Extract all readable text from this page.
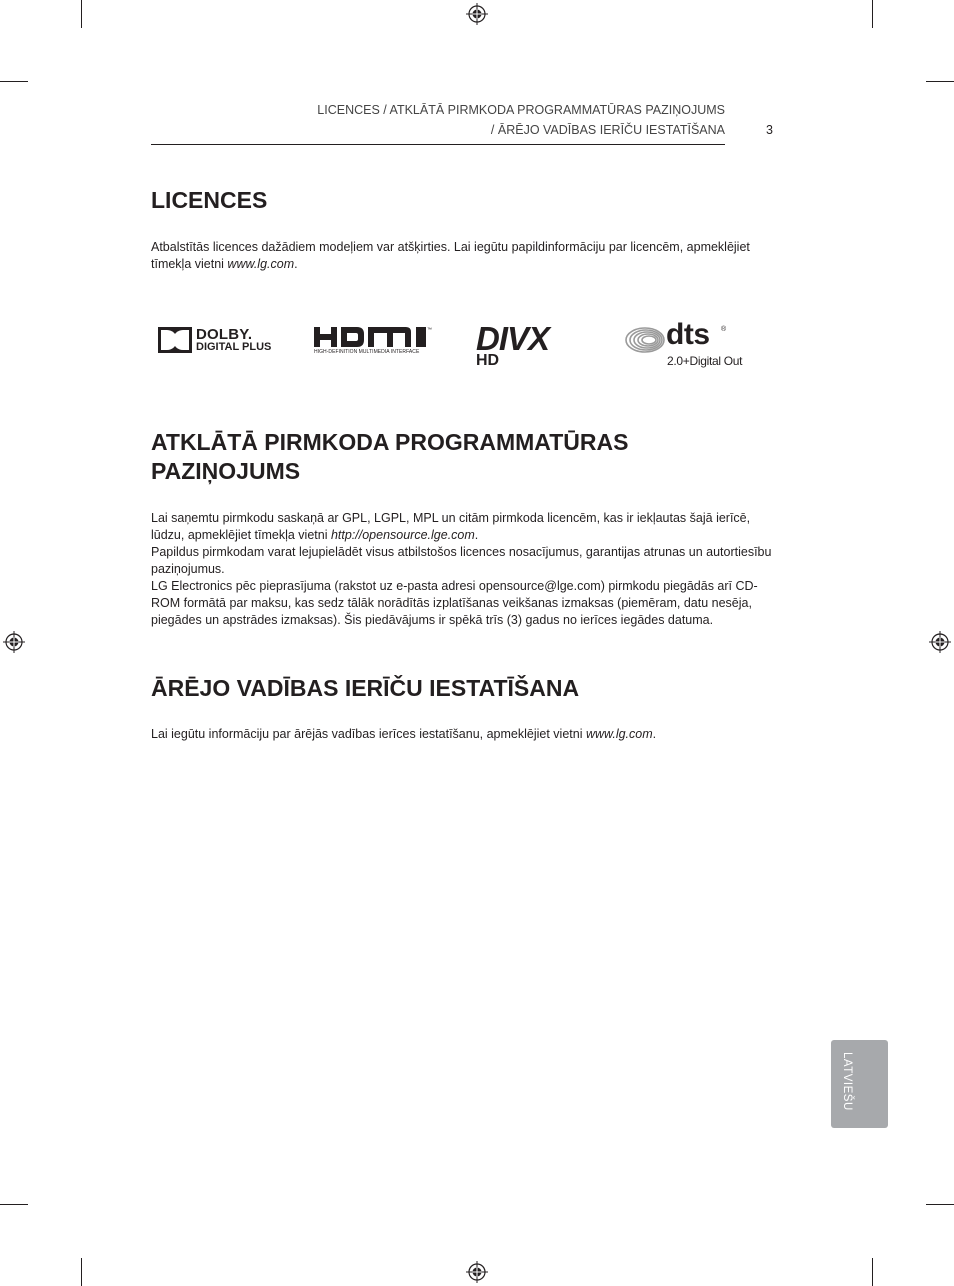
LICENCES / ATKLĀTĀ PIRMKODA PROGRAMMATŪRAS PAZIŅOJUMS
/ ĀRĒJO VADĪBAS IERĪČU IESTATĪŠANA	3
LICENCES

Atbalstītās licences dažādiem modeļiem var atšķirties. Lai iegūtu papildinformāciju par licencēm, apmeklējiet tīmekļa vietni www.lg.com.

DOLBY.
DIGITAL PLUS
™
HIGH-DEFINITION MULTIMEDIA INTERFACE DIVX
HD
dts ®
2.0+Digital Out
ATKLĀTĀ PIRMKODA PROGRAMMATŪRAS PAZIŅOJUMS

Lai saņemtu pirmkodu saskaņā ar GPL, LGPL, MPL un citām pirmkoda licencēm, kas ir iekļautas šajā ierīcē, lūdzu, apmeklējiet tīmekļa vietni http://opensource.lge.com.

Papildus pirmkodam varat lejupielādēt visus atbilstošos licences nosacījumus, garantijas atrunas un autortiesību paziņojumus.

LG Electronics pēc pieprasījuma (rakstot uz e-pasta adresi opensource@lge.com) pirmkodu piegādās arī CD-ROM formātā par maksu, kas sedz tālāk norādītās izplatīšanas veikšanas izmaksas (piemēram, datu nesēja, piegādes un apstrādes izmaksas). Šis piedāvājums ir spēkā trīs (3) gadus no ierīces iegādes datuma.

ĀRĒJO VADĪBAS IERĪČU IESTATĪŠANA

Lai iegūtu informāciju par ārējās vadības ierīces iestatīšanu, apmeklējiet vietni www.lg.com.

LATVIEŠU
